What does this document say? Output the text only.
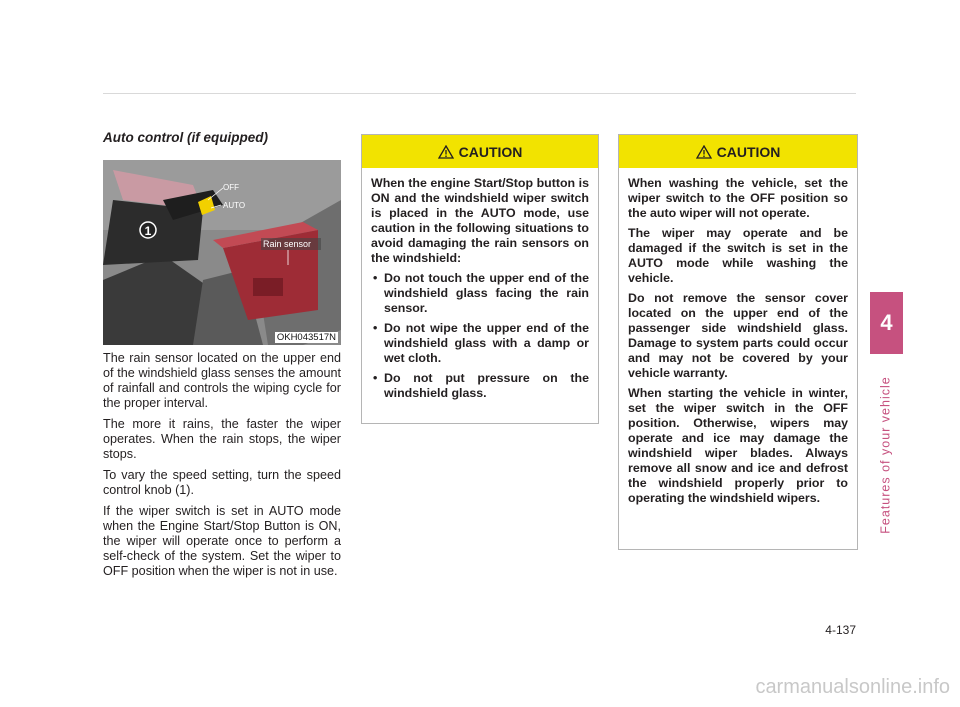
Auto control (if equipped)
1
OFF
AUTO
Rain sensor
OKH043517N

The rain sensor located on the upper end of the windshield glass senses the amount of rainfall and controls the wiping cycle for the proper interval.

The more it rains, the faster the wiper operates. When the rain stops, the wiper stops.

To vary the speed setting, turn the speed control knob (1).

If the wiper switch is set in AUTO mode when the Engine Start/Stop Button is ON, the wiper will operate once to perform a self-check of the system. Set the wiper to OFF position when the wiper is not in use.

CAUTION

When the engine Start/Stop button is ON and the windshield wiper switch is placed in the AUTO mode, use caution in the following situations to avoid damaging the rain sensors on the windshield:

• Do not touch the upper end of the windshield glass facing the rain sensor.
• Do not wipe the upper end of the windshield glass with a damp or wet cloth.
• Do not put pressure on the windshield glass.
CAUTION

When washing the vehicle, set the wiper switch to the OFF position so the auto wiper will not operate.

The wiper may operate and be damaged if the switch is set in the AUTO mode while washing the vehicle.

Do not remove the sensor cover located on the upper end of the passenger side windshield glass. Damage to system parts could occur and may not be covered by your vehicle warranty.

When starting the vehicle in winter, set the wiper switch in the OFF position. Otherwise, wipers may operate and ice may damage the windshield wiper blades. Always remove all snow and ice and defrost the windshield properly prior to operating the windshield wipers.

4
Features of your vehicle
4-137
carmanualsonline.info
